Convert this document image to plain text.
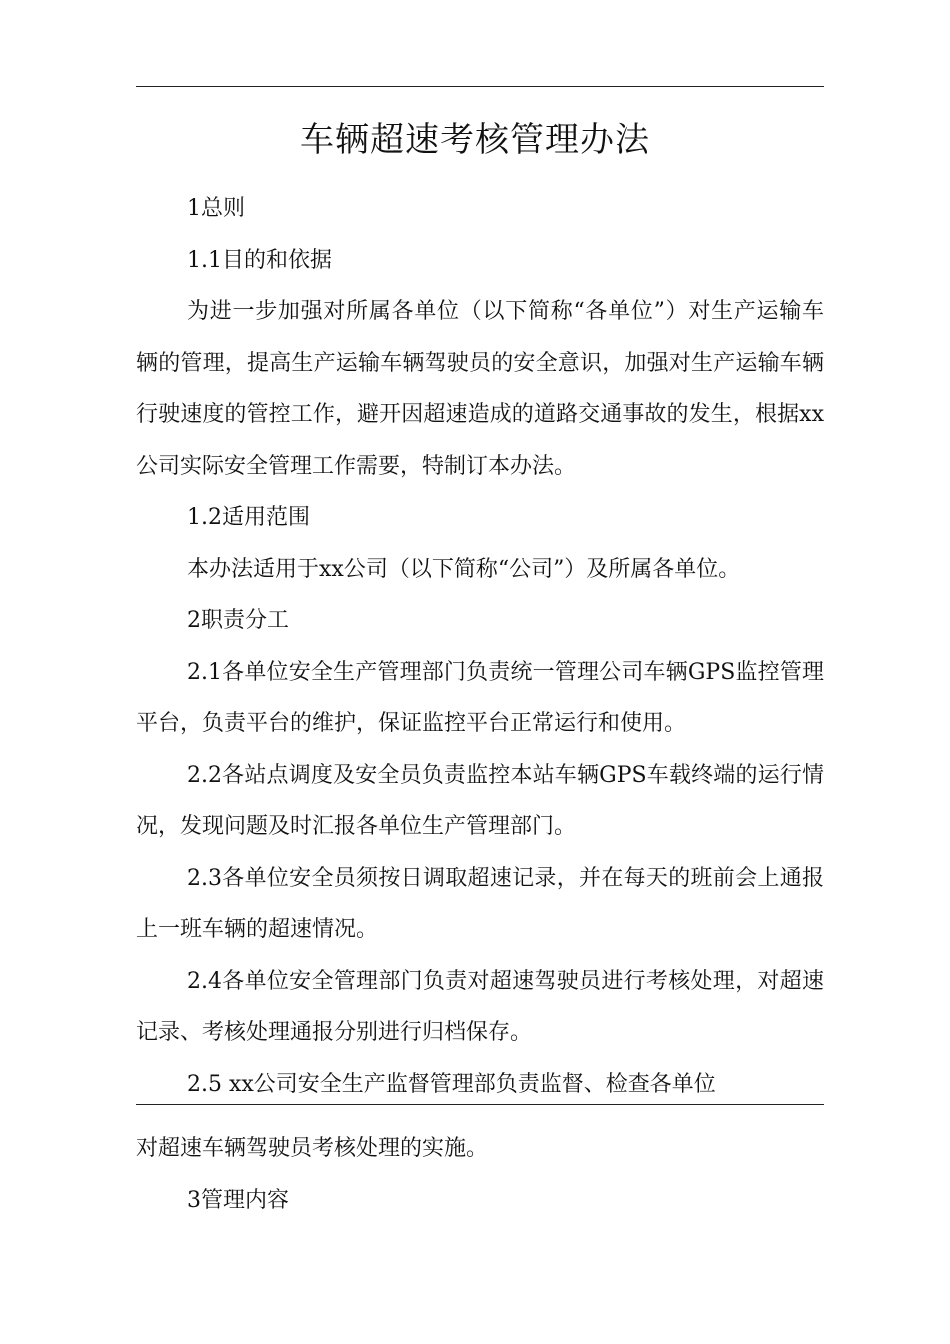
车辆超速考核管理办法

1总则

1.1目的和依据

为进一步加强对所属各单位（以下简称“各单位”）对生产运输车辆的管理，提高生产运输车辆驾驶员的安全意识，加强对生产运输车辆行驶速度的管控工作，避开因超速造成的道路交通事故的发生，根据xx公司实际安全管理工作需要，特制订本办法。

1.2适用范围

本办法适用于xx公司（以下简称“公司”）及所属各单位。

2职责分工

2.1各单位安全生产管理部门负责统一管理公司车辆GPS监控管理平台，负责平台的维护，保证监控平台正常运行和使用。

2.2各站点调度及安全员负责监控本站车辆GPS车载终端的运行情况，发现问题及时汇报各单位生产管理部门。

2.3各单位安全员须按日调取超速记录，并在每天的班前会上通报上一班车辆的超速情况。

2.4各单位安全管理部门负责对超速驾驶员进行考核处理，对超速记录、考核处理通报分别进行归档保存。

2.5 xx公司安全生产监督管理部负责监督、检查各单位

对超速车辆驾驶员考核处理的实施。

3管理内容
